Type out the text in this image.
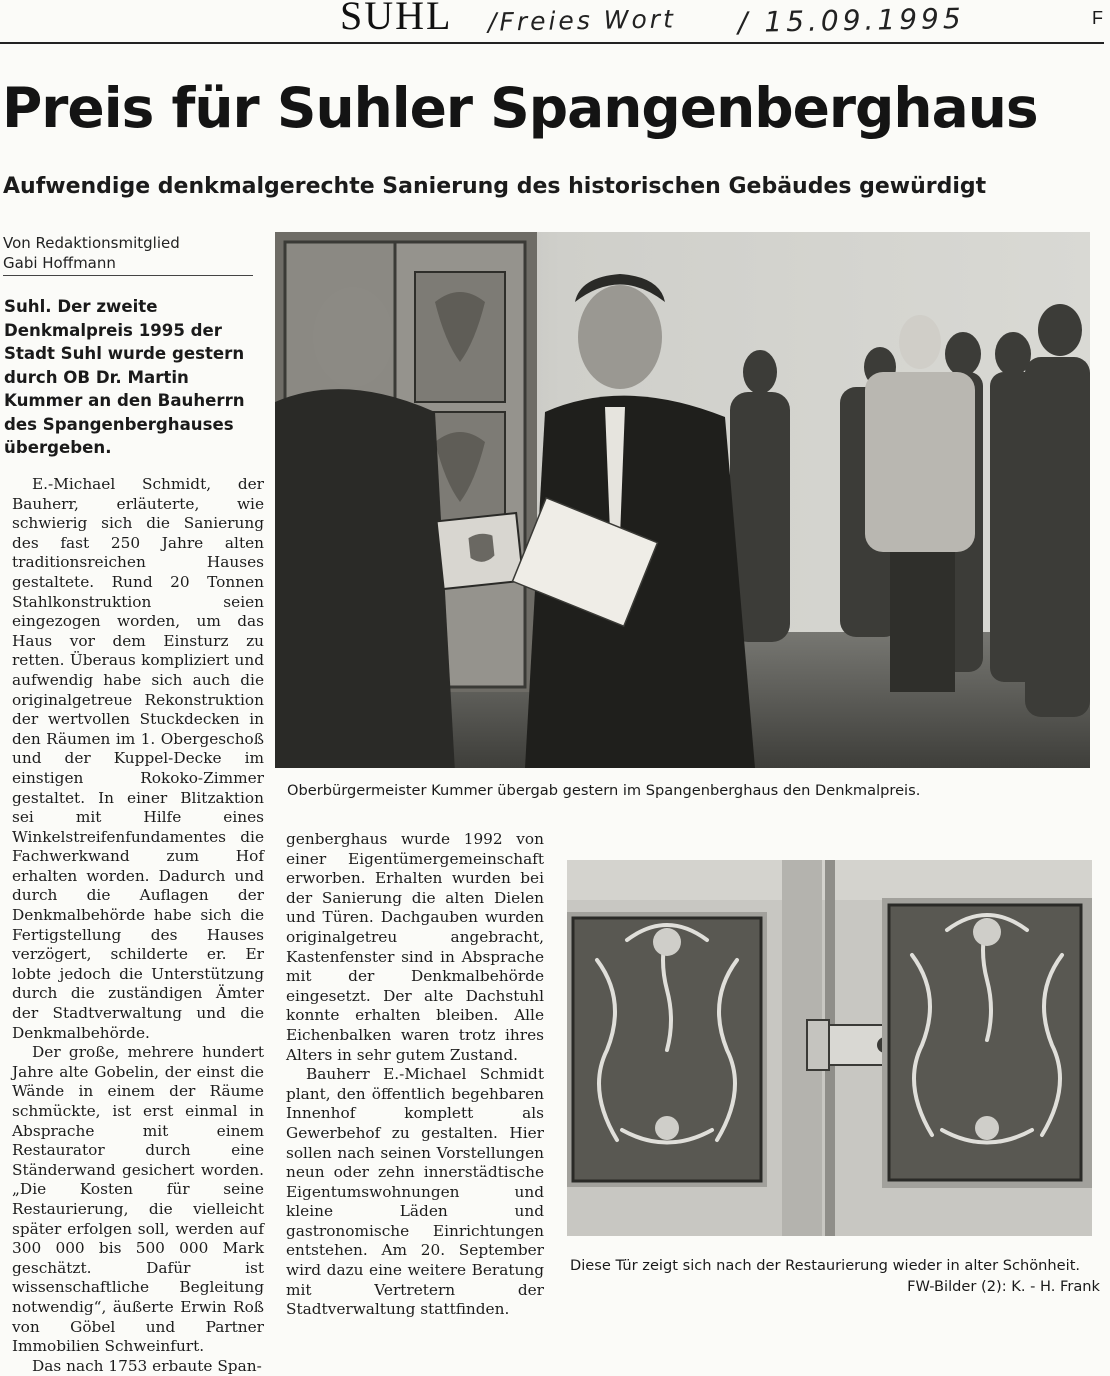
SUHL /Freies Wort / 15.09.1995	F
Preis für Suhler Spangenberghaus
Aufwendige denkmalgerechte Sanierung des historischen Gebäudes gewürdigt
Von Redaktionsmitglied
Gabi Hoffmann
Suhl. Der zweite Denkmalpreis 1995 der Stadt Suhl wurde gestern durch OB Dr. Martin Kummer an den Bauherrn des Spangenberghauses übergeben.

E.-Michael Schmidt, der Bauherr, erläuterte, wie schwierig sich die Sanierung des fast 250 Jahre alten traditionsreichen Hauses gestaltete. Rund 20 Tonnen Stahlkonstruktion seien eingezogen worden, um das Haus vor dem Einsturz zu retten. Überaus kompliziert und aufwendig habe sich auch die originalgetreue Rekonstruktion der wertvollen Stuckdecken in den Räumen im 1. Obergeschoß und der Kuppel-Decke im einstigen Rokoko-Zimmer gestaltet. In einer Blitzaktion sei mit Hilfe eines Winkelstreifenfundamentes die Fachwerkwand zum Hof erhalten worden. Dadurch und durch die Auflagen der Denkmalbehörde habe sich die Fertigstellung des Hauses verzögert, schilderte er. Er lobte jedoch die Unterstützung durch die zuständigen Ämter der Stadtverwaltung und die Denkmalbehörde.

Der große, mehrere hundert Jahre alte Gobelin, der einst die Wände in einem der Räume schmückte, ist erst einmal in Absprache mit einem Restaurator durch eine Ständerwand gesichert worden. „Die Kosten für seine Restaurierung, die vielleicht später erfolgen soll, werden auf 300 000 bis 500 000 Mark geschätzt. Dafür ist wissenschaftliche Begleitung notwendig“, äußerte Erwin Roß von Göbel und Partner Immobilien Schweinfurt.

Das nach 1753 erbaute Span-

genberghaus wurde 1992 von einer Eigentümergemeinschaft erworben. Erhalten wurden bei der Sanierung die alten Dielen und Türen. Dachgauben wurden originalgetreu angebracht, Kastenfenster sind in Absprache mit der Denkmalbehörde eingesetzt. Der alte Dachstuhl konnte erhalten bleiben. Alle Eichenbalken waren trotz ihres Alters in sehr gutem Zustand.

Bauherr E.-Michael Schmidt plant, den öffentlich begehbaren Innenhof komplett als Gewerbehof zu gestalten. Hier sollen nach seinen Vorstellungen neun oder zehn innerstädtische Eigentumswohnungen und kleine Läden und gastronomische Einrichtungen entstehen. Am 20. September wird dazu eine weitere Beratung mit Vertretern der Stadtverwaltung stattfinden.

Oberbürgermeister Kummer übergab gestern im Spangenberghaus den Denkmalpreis.
Diese Tür zeigt sich nach der Restaurierung wieder in alter Schönheit.
FW-Bilder (2): K. - H. Frank
